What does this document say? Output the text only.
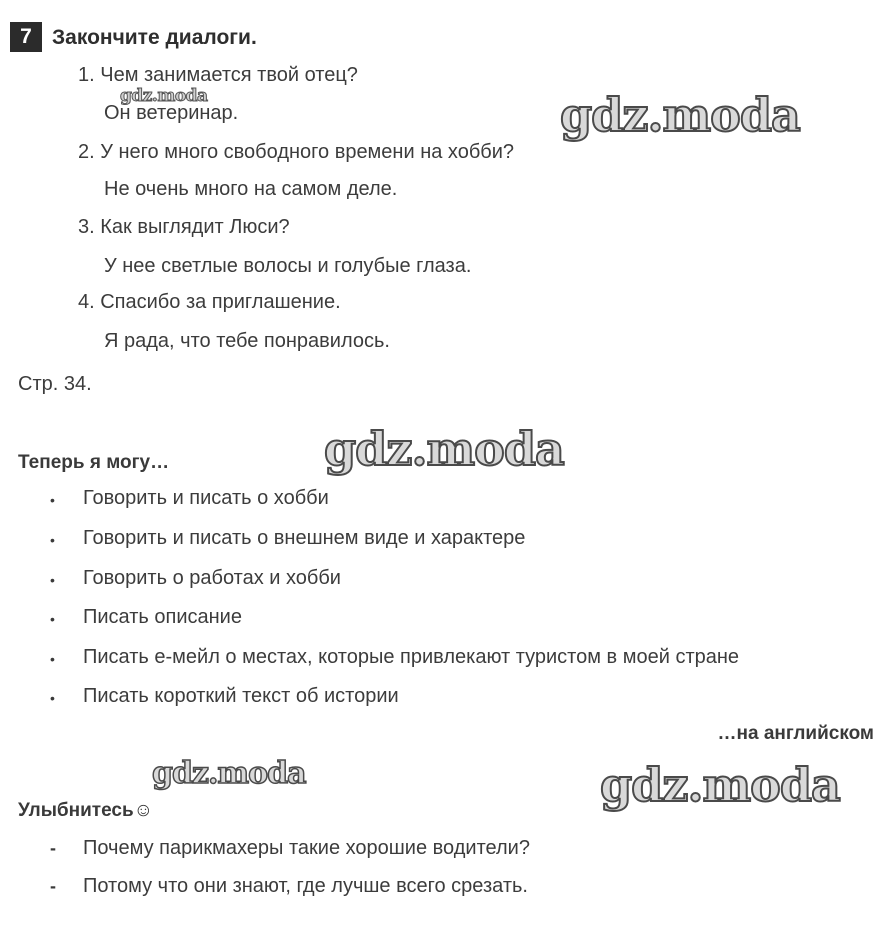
7 Закончите диалоги.
1. Чем занимается твой отец?
gdz.moda
Он ветеринар.
2. У него много свободного времени на хобби?
Не очень много на самом деле.
3. Как выглядит Люси?
У нее светлые волосы и голубые глаза.
4. Спасибо за приглашение.
Я рада, что тебе понравилось.
gdz.moda
Стр. 34.
Теперь я могу…	gdz.moda
• Говорить и писать о хобби
• Говорить и писать о внешнем виде и характере
• Говорить о работах и хобби
• Писать описание
• Писать е-мейл о местах, которые привлекают туристом в моей стране
• Писать короткий текст об истории
…на английском
gdz.moda	gdz.moda
Улыбнитесь☺
- Почему парикмахеры такие хорошие водители?
- Потому что они знают, где лучше всего срезать.
